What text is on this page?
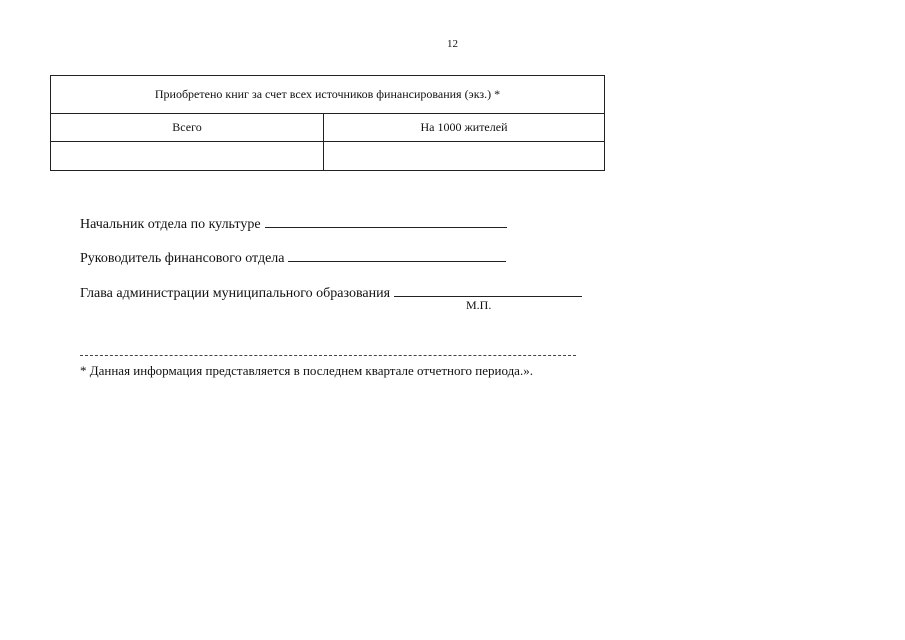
12
Приобретено книг за счет всех источников финансирования (экз.) *	
Всего	На 1000 жителей

Начальник отдела по культуре
Руководитель финансового отдела
Глава администрации муниципального образования
М.П.
* Данная информация представляется в последнем квартале отчетного периода.».
